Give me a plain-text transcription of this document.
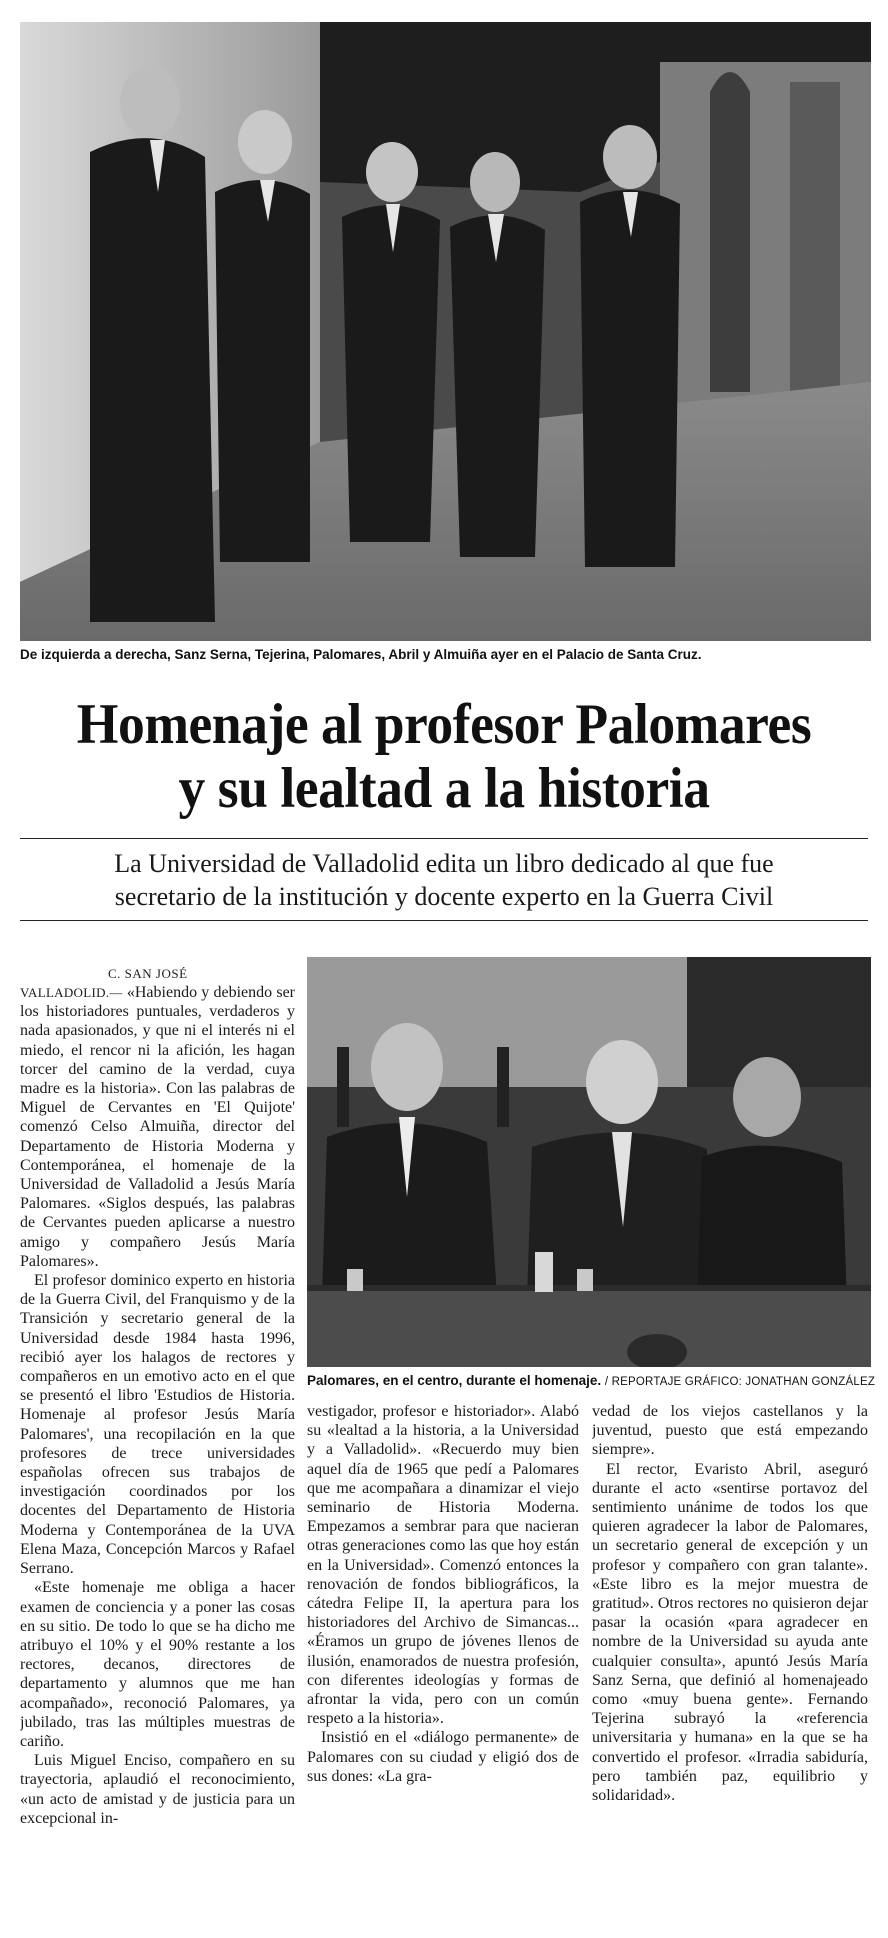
De izquierda a derecha, Sanz Serna, Tejerina, Palomares, Abril y Almuiña ayer en el Palacio de Santa Cruz.
Homenaje al profesor Palomares
y su lealtad a la historia
La Universidad de Valladolid edita un libro dedicado al que fue
secretario de la institución y docente experto en la Guerra Civil
C. SAN JOSÉ

VALLADOLID.— «Habiendo y debiendo ser los historiadores puntuales, verdaderos y nada apasionados, y que ni el interés ni el miedo, el rencor ni la afición, les hagan torcer del camino de la verdad, cuya madre es la historia». Con las palabras de Miguel de Cervantes en 'El Quijote' comenzó Celso Almuiña, director del Departamento de Historia Moderna y Contemporánea, el homenaje de la Universidad de Valladolid a Jesús María Palomares. «Siglos después, las palabras de Cervantes pueden aplicarse a nuestro amigo y compañero Jesús María Palomares».

El profesor dominico experto en historia de la Guerra Civil, del Franquismo y de la Transición y secretario general de la Universidad desde 1984 hasta 1996, recibió ayer los halagos de rectores y compañeros en un emotivo acto en el que se presentó el libro 'Estudios de Historia. Homenaje al profesor Jesús María Palomares', una recopilación en la que profesores de trece universidades españolas ofrecen sus trabajos de investigación coordinados por los docentes del Departamento de Historia Moderna y Contemporánea de la UVA Elena Maza, Concepción Marcos y Rafael Serrano.

«Este homenaje me obliga a hacer examen de conciencia y a poner las cosas en su sitio. De todo lo que se ha dicho me atribuyo el 10% y el 90% restante a los rectores, decanos, directores de departamento y alumnos que me han acompañado», reconoció Palomares, ya jubilado, tras las múltiples muestras de cariño.

Luis Miguel Enciso, compañero en su trayectoria, aplaudió el reconocimiento, «un acto de amistad y de justicia para un excepcional in-

Palomares, en el centro, durante el homenaje. / REPORTAJE GRÁFICO: JONATHAN GONZÁLEZ

vestigador, profesor e historiador». Alabó su «lealtad a la historia, a la Universidad y a Valladolid». «Recuerdo muy bien aquel día de 1965 que pedí a Palomares que me acompañara a dinamizar el viejo seminario de Historia Moderna. Empezamos a sembrar para que nacieran otras generaciones como las que hoy están en la Universidad». Comenzó entonces la renovación de fondos bibliográficos, la cátedra Felipe II, la apertura para los historiadores del Archivo de Simancas... «Éramos un grupo de jóvenes llenos de ilusión, enamorados de nuestra profesión, con diferentes ideologías y formas de afrontar la vida, pero con un común respeto a la historia».

Insistió en el «diálogo permanente» de Palomares con su ciudad y eligió dos de sus dones: «La gra-

vedad de los viejos castellanos y la juventud, puesto que está empezando siempre».

El rector, Evaristo Abril, aseguró durante el acto «sentirse portavoz del sentimiento unánime de todos los que quieren agradecer la labor de Palomares, un secretario general de excepción y un profesor y compañero con gran talante». «Este libro es la mejor muestra de gratitud». Otros rectores no quisieron dejar pasar la ocasión «para agradecer en nombre de la Universidad su ayuda ante cualquier consulta», apuntó Jesús María Sanz Serna, que definió al homenajeado como «muy buena gente». Fernando Tejerina subrayó la «referencia universitaria y humana» en la que se ha convertido el profesor. «Irradia sabiduría, pero también paz, equilibrio y solidaridad».
